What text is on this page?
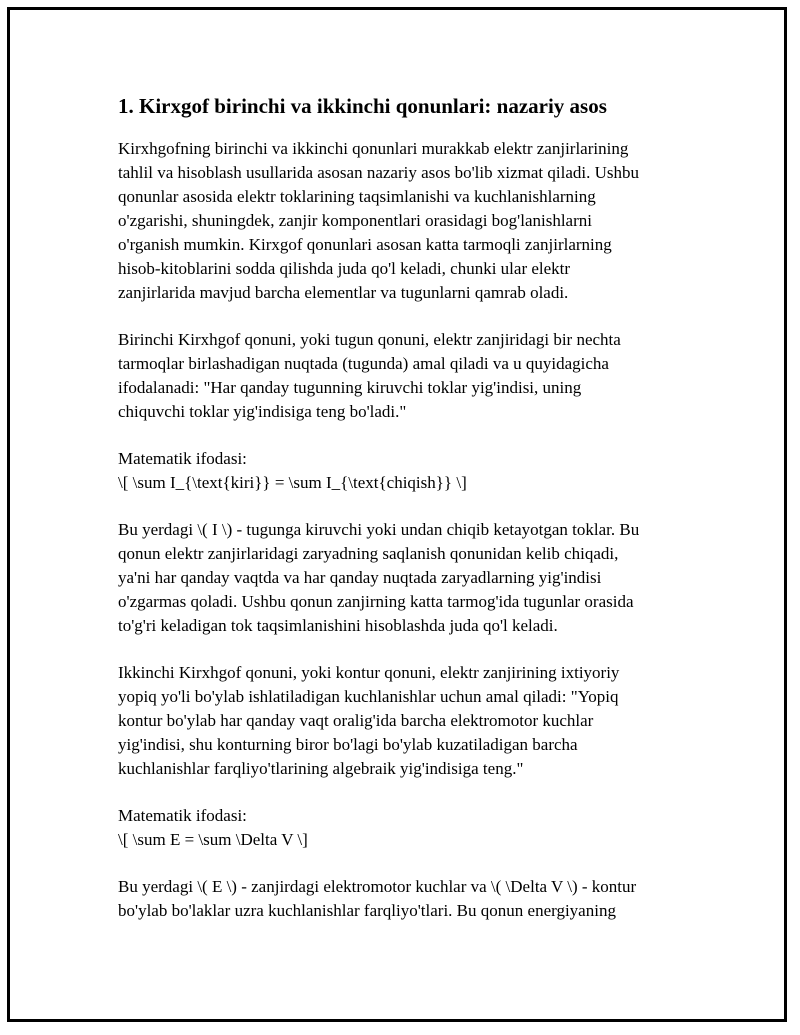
1. Kirxgof birinchi va ikkinchi qonunlari: nazariy asos

Kirxhgofning birinchi va ikkinchi qonunlari murakkab elektr zanjirlarining
tahlil va hisoblash usullarida asosan nazariy asos bo'lib xizmat qiladi. Ushbu
qonunlar asosida elektr toklarining taqsimlanishi va kuchlanishlarning
o'zgarishi, shuningdek, zanjir komponentlari orasidagi bog'lanishlarni
o'rganish mumkin. Kirxgof qonunlari asosan katta tarmoqli zanjirlarning
hisob-kitoblarini sodda qilishda juda qo'l keladi, chunki ular elektr
zanjirlarida mavjud barcha elementlar va tugunlarni qamrab oladi.

Birinchi Kirxhgof qonuni, yoki tugun qonuni, elektr zanjiridagi bir nechta
tarmoqlar birlashadigan nuqtada (tugunda) amal qiladi va u quyidagicha
ifodalanadi: "Har qanday tugunning kiruvchi toklar yig'indisi, uning
chiquvchi toklar yig'indisiga teng bo'ladi."

Matematik ifodasi:
\[ \sum I_{\text{kiri}} = \sum I_{\text{chiqish}} \]

Bu yerdagi \( I \) - tugunga kiruvchi yoki undan chiqib ketayotgan toklar. Bu
qonun elektr zanjirlaridagi zaryadning saqlanish qonunidan kelib chiqadi,
ya'ni har qanday vaqtda va har qanday nuqtada zaryadlarning yig'indisi
o'zgarmas qoladi. Ushbu qonun zanjirning katta tarmog'ida tugunlar orasida
to'g'ri keladigan tok taqsimlanishini hisoblashda juda qo'l keladi.

Ikkinchi Kirxhgof qonuni, yoki kontur qonuni, elektr zanjirining ixtiyoriy
yopiq yo'li bo'ylab ishlatiladigan kuchlanishlar uchun amal qiladi: "Yopiq
kontur bo'ylab har qanday vaqt oralig'ida barcha elektromotor kuchlar
yig'indisi, shu konturning biror bo'lagi bo'ylab kuzatiladigan barcha
kuchlanishlar farqliyo'tlarining algebraik yig'indisiga teng."

Matematik ifodasi:
\[ \sum E = \sum \Delta V \]

Bu yerdagi \( E \) - zanjirdagi elektromotor kuchlar va \( \Delta V \) - kontur
bo'ylab bo'laklar uzra kuchlanishlar farqliyo'tlari. Bu qonun energiyaning
